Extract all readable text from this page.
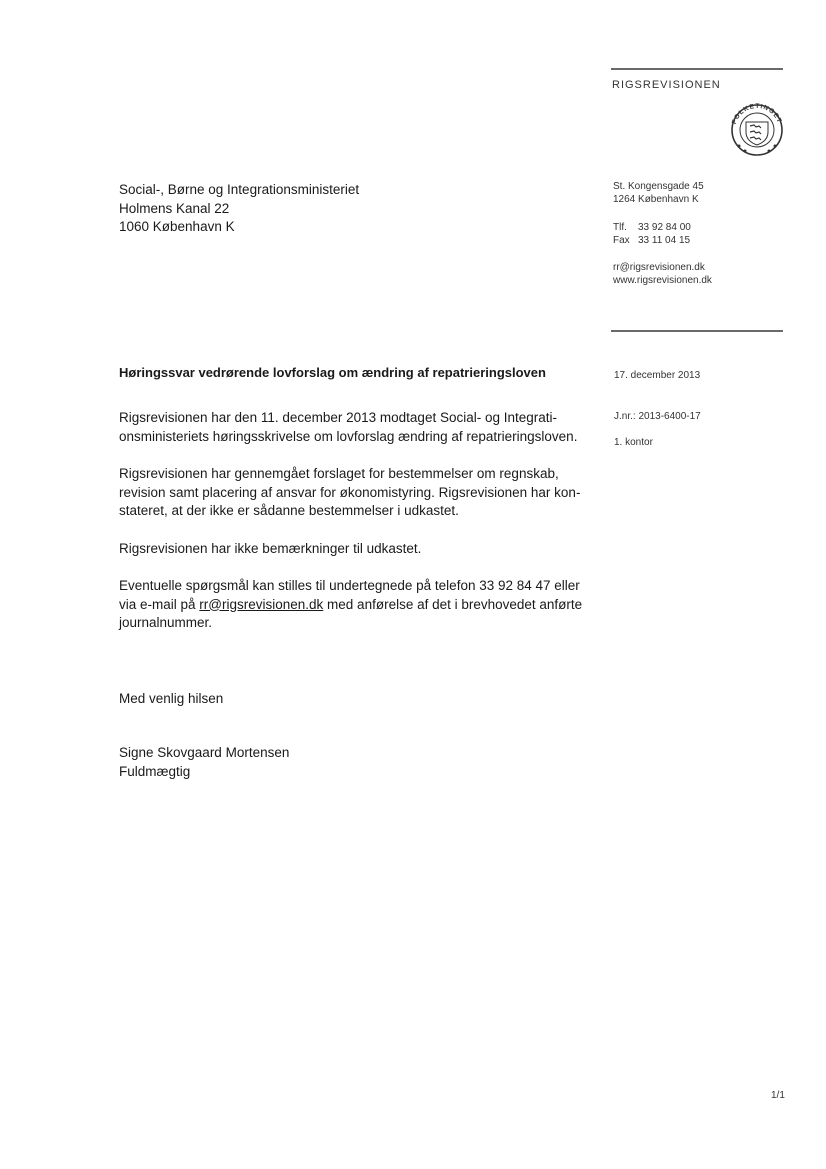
RIGSREVISIONEN
FOLKETINGET
Social-, Børne og Integrationsministeriet
Holmens Kanal 22
1060 København K
St. Kongensgade 45
1264 København K
Tlf. 33 92 84 00
Fax 33 11 04 15
rr@rigsrevisionen.dk
www.rigsrevisionen.dk
Høringssvar vedrørende lovforslag om ændring af repatrieringsloven	17. december 2013
J.nr.: 2013-6400-17
1. kontor
Rigsrevisionen har den 11. december 2013 modtaget Social- og Integrati-
onsministeriets høringsskrivelse om lovforslag ændring af repatrieringsloven.
Rigsrevisionen har gennemgået forslaget for bestemmelser om regnskab,
revision samt placering af ansvar for økonomistyring. Rigsrevisionen har kon-
stateret, at der ikke er sådanne bestemmelser i udkastet.
Rigsrevisionen har ikke bemærkninger til udkastet.
Eventuelle spørgsmål kan stilles til undertegnede på telefon 33 92 84 47 eller
via e-mail på rr@rigsrevisionen.dk med anførelse af det i brevhovedet anførte
journalnummer.
Med venlig hilsen
Signe Skovgaard Mortensen
Fuldmægtig
1/1
